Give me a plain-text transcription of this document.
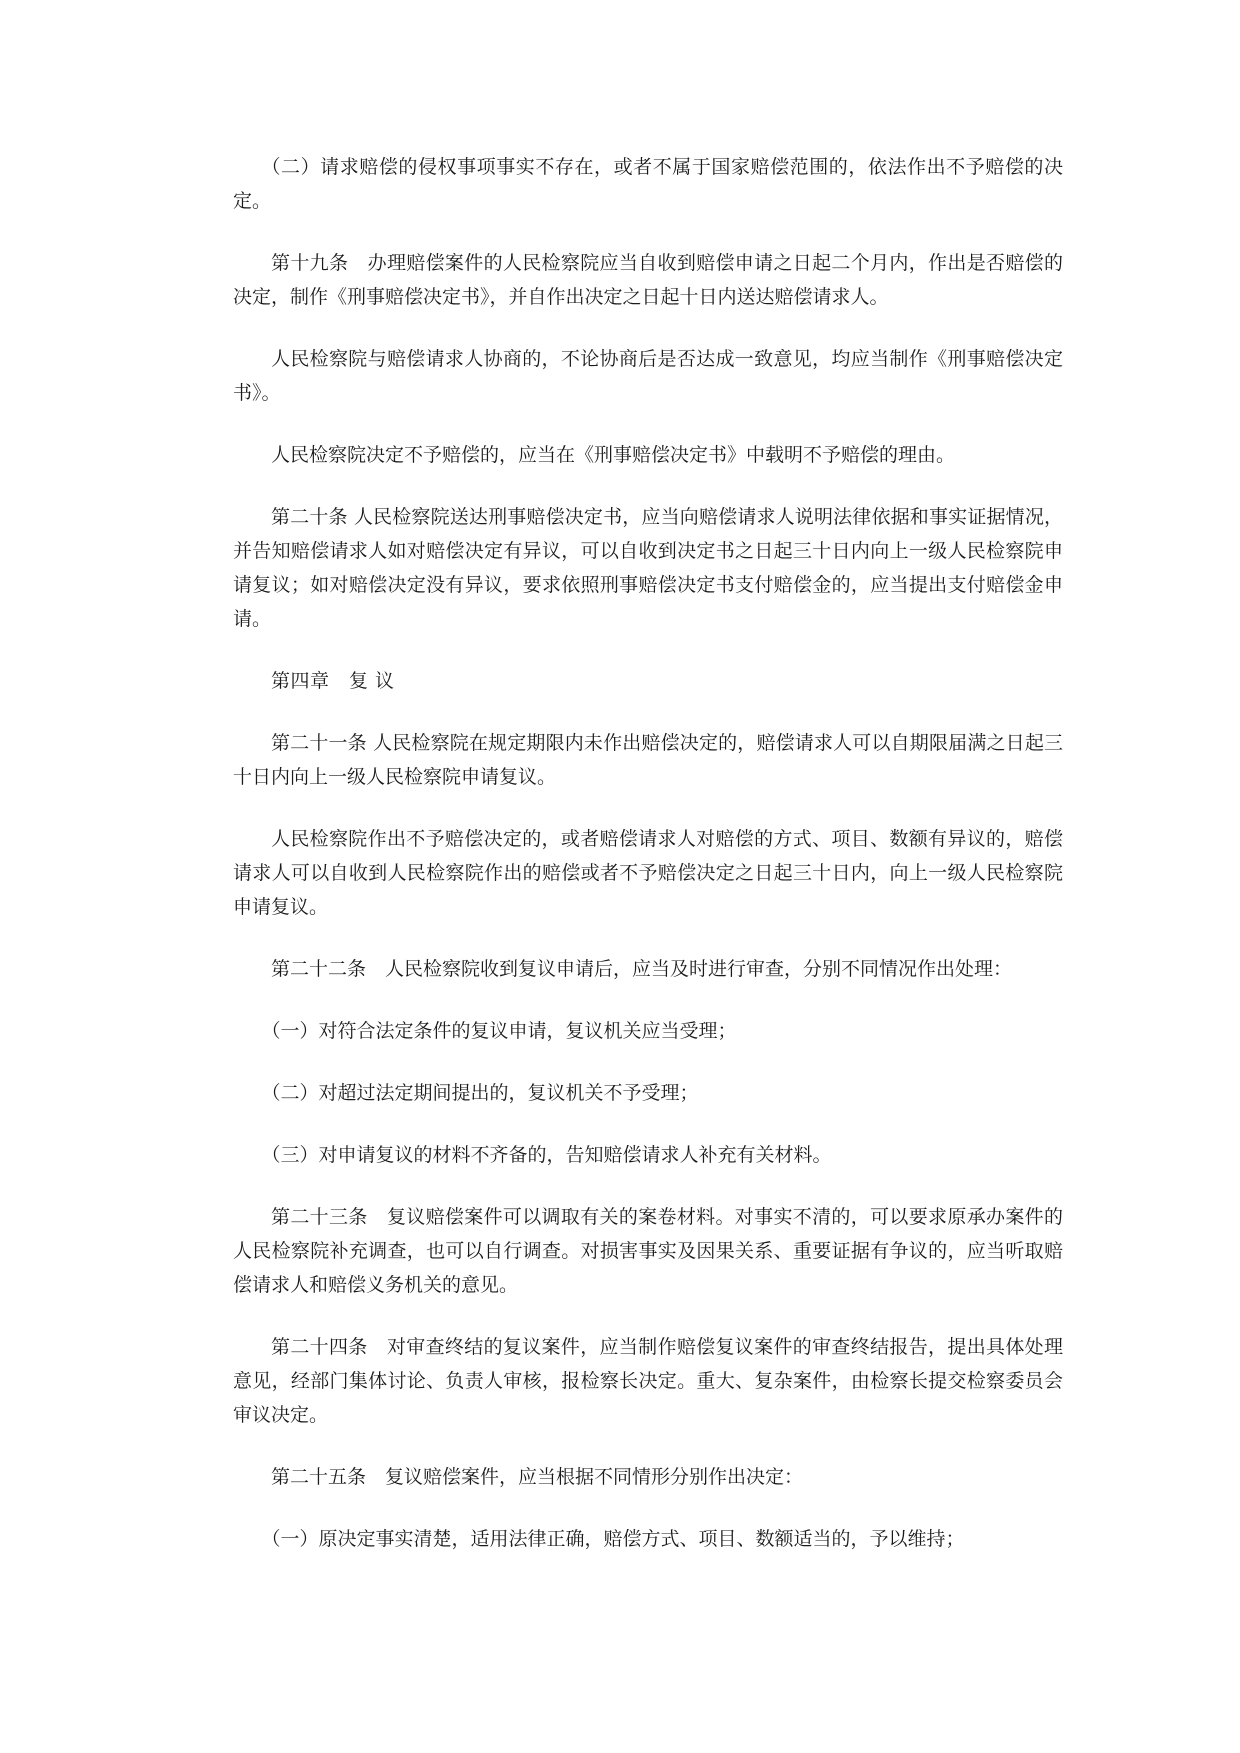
（二）请求赔偿的侵权事项事实不存在，或者不属于国家赔偿范围的，依法作出不予赔偿的决定。

第十九条　办理赔偿案件的人民检察院应当自收到赔偿申请之日起二个月内，作出是否赔偿的决定，制作《刑事赔偿决定书》，并自作出决定之日起十日内送达赔偿请求人。

人民检察院与赔偿请求人协商的，不论协商后是否达成一致意见，均应当制作《刑事赔偿决定书》。

人民检察院决定不予赔偿的，应当在《刑事赔偿决定书》中载明不予赔偿的理由。

第二十条 人民检察院送达刑事赔偿决定书，应当向赔偿请求人说明法律依据和事实证据情况，并告知赔偿请求人如对赔偿决定有异议，可以自收到决定书之日起三十日内向上一级人民检察院申请复议；如对赔偿决定没有异议，要求依照刑事赔偿决定书支付赔偿金的，应当提出支付赔偿金申请。

第四章　复 议

第二十一条 人民检察院在规定期限内未作出赔偿决定的，赔偿请求人可以自期限届满之日起三十日内向上一级人民检察院申请复议。

人民检察院作出不予赔偿决定的，或者赔偿请求人对赔偿的方式、项目、数额有异议的，赔偿请求人可以自收到人民检察院作出的赔偿或者不予赔偿决定之日起三十日内，向上一级人民检察院申请复议。

第二十二条　人民检察院收到复议申请后，应当及时进行审查，分别不同情况作出处理：

（一）对符合法定条件的复议申请，复议机关应当受理；

（二）对超过法定期间提出的，复议机关不予受理；

（三）对申请复议的材料不齐备的，告知赔偿请求人补充有关材料。

第二十三条　复议赔偿案件可以调取有关的案卷材料。对事实不清的，可以要求原承办案件的人民检察院补充调查，也可以自行调查。对损害事实及因果关系、重要证据有争议的，应当听取赔偿请求人和赔偿义务机关的意见。

第二十四条　对审查终结的复议案件，应当制作赔偿复议案件的审查终结报告，提出具体处理意见，经部门集体讨论、负责人审核，报检察长决定。重大、复杂案件，由检察长提交检察委员会审议决定。

第二十五条　复议赔偿案件，应当根据不同情形分别作出决定：

（一）原决定事实清楚，适用法律正确，赔偿方式、项目、数额适当的，予以维持；
